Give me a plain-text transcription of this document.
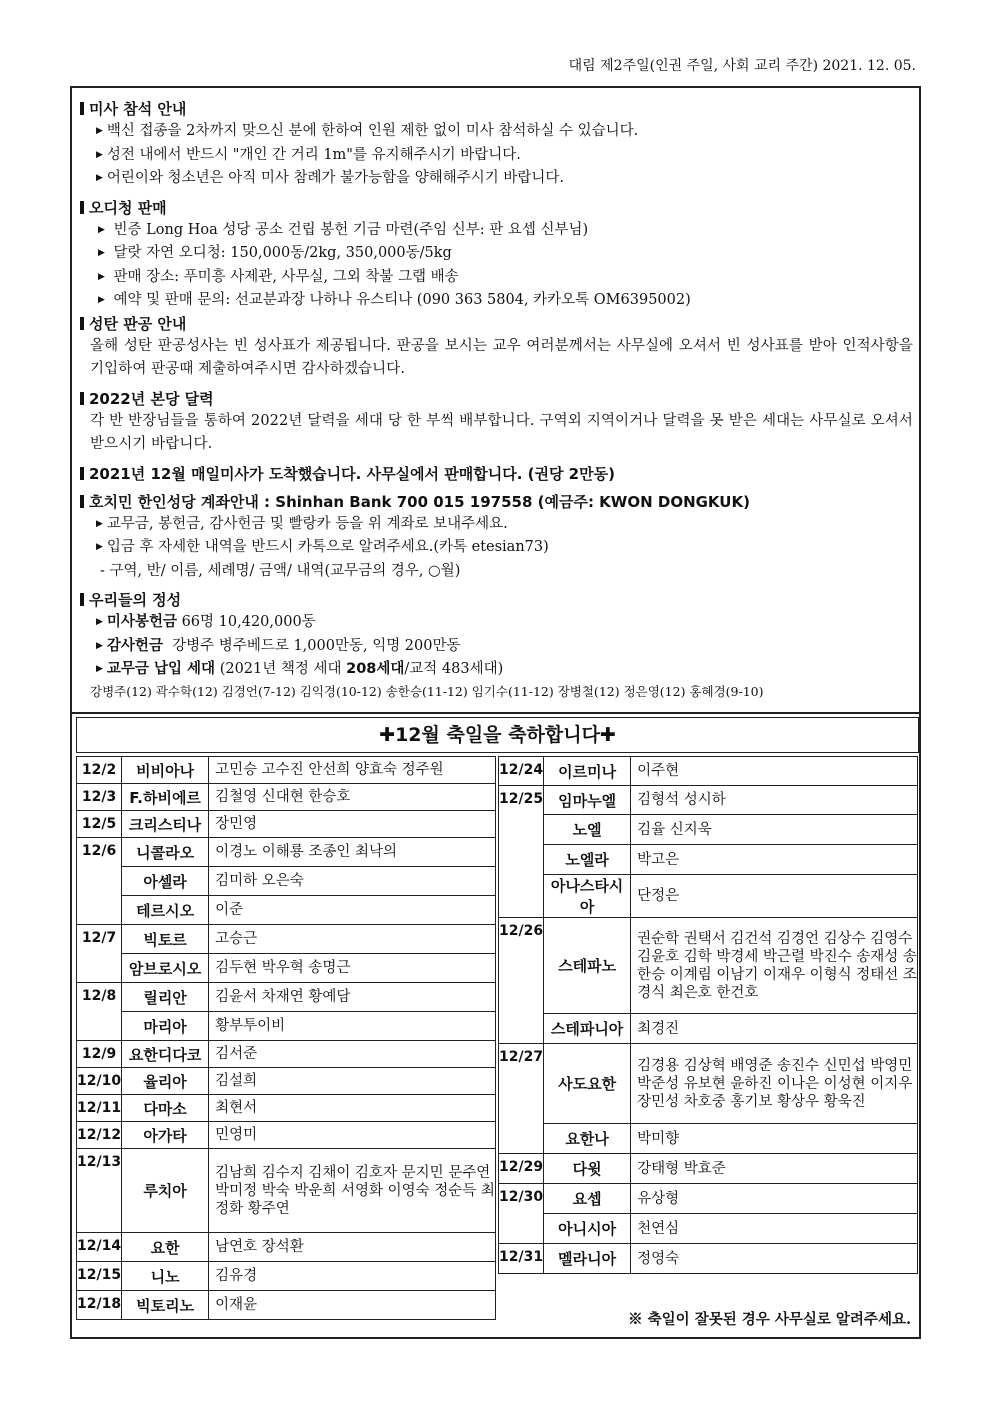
대림 제2주일(인권 주일, 사회 교리 주간) 2021. 12. 05.
미사 참석 안내
▶ 백신 접종을 2차까지 맞으신 분에 한하여 인원 제한 없이 미사 참석하실 수 있습니다.
▶ 성전 내에서 반드시 "개인 간 거리 1m"를 유지해주시기 바랍니다.
▶ 어린이와 청소년은 아직 미사 참례가 불가능함을 양해해주시기 바랍니다.
오디청 판매
▶ 빈증 Long Hoa 성당 공소 건립 봉헌 기금 마련(주임 신부: 판 요셉 신부님)
▶ 달랏 자연 오디청: 150,000동/2kg, 350,000동/5kg
▶ 판매 장소: 푸미흥 사제관, 사무실, 그외 착불 그랩 배송
▶ 예약 및 판매 문의: 선교분과장 나하나 유스티나 (090 363 5804, 카카오톡 OM6395002)
성탄 판공 안내
올해 성탄 판공성사는 빈 성사표가 제공됩니다. 판공을 보시는 교우 여러분께서는 사무실에 오셔서 빈 성사표를 받아 인적사항을 기입하여 판공때 제출하여주시면 감사하겠습니다.
2022년 본당 달력
각 반 반장님들을 통하여 2022년 달력을 세대 당 한 부씩 배부합니다. 구역외 지역이거나 달력을 못 받은 세대는 사무실로 오셔서 받으시기 바랍니다.
2021년 12월 매일미사가 도착했습니다. 사무실에서 판매합니다. (권당 2만동)
호치민 한인성당 계좌안내 : Shinhan Bank 700 015 197558 (예금주: KWON DONGKUK)
▶ 교무금, 봉헌금, 감사헌금 및 빨랑카 등을 위 계좌로 보내주세요.
▶ 입금 후 자세한 내역을 반드시 카톡으로 알려주세요.(카톡 etesian73)
- 구역, 반/ 이름, 세례명/ 금액/ 내역(교무금의 경우, ○월)
우리들의 정성
▶ 미사봉헌금 66명 10,420,000동
▶ 감사헌금 강병주 병주베드로 1,000만동, 익명 200만동
▶ 교무금 납입 세대 (2021년 책정 세대 208세대/교적 483세대)
강병주(12) 곽수학(12) 김경언(7-12) 김익경(10-12) 송한승(11-12) 임기수(11-12) 장병철(12) 정은영(12) 홍혜경(9-10)
✚12월 축일을 축하합니다✚
12/2	비비아나	고민승 고수진 안선희 양효숙 정주원
12/3	F.하비에르	김철영 신대현 한승호
12/5	크리스티나	장민영
12/6	니콜라오	이경노 이해룡 조종인 최낙의
	아셀라	김미하 오은숙
	테르시오	이준
12/7	빅토르	고승근
	암브로시오	김두현 박우혁 송명근
12/8	릴리안	김윤서 차재연 황예담
	마리아	황부투이비
12/9	요한디다코	김서준
12/10	율리아	김설희
12/11	다마소	최현서
12/12	아가타	민영미
12/13	루치아	김남희 김수지 김채이 김호자 문지민 문주연 박미정 박숙 박운희 서영화 이영숙 정순득 최정화 황주연
12/14	요한	남연호 장석환
12/15	니노	김유경
12/18	빅토리노	이재윤
12/24	이르미나	이주현
12/25	임마누엘	김형석 성시하
	노엘	김율 신지욱
	노엘라	박고은
	아나스타시아	단정은
12/26	스테파노	권순학 권택서 김건석 김경언 김상수 김영수 김윤호 김학 박경세 박근렬 박진수 송재성 송한승 이계림 이남기 이재우 이형식 정태선 조경식 최은호 한건호
	스테파니아	최경진
12/27	사도요한	김경용 김상혁 배영준 송진수 신민섭 박영민 박준성 유보현 윤하진 이나은 이성현 이지우 장민성 차호중 홍기보 황상우 황욱진
	요한나	박미향
12/29	다윗	강태형 박효준
12/30	요셉	유상형
	아니시아	천연심
12/31	멜라니아	정영숙
※ 축일이 잘못된 경우 사무실로 알려주세요.
